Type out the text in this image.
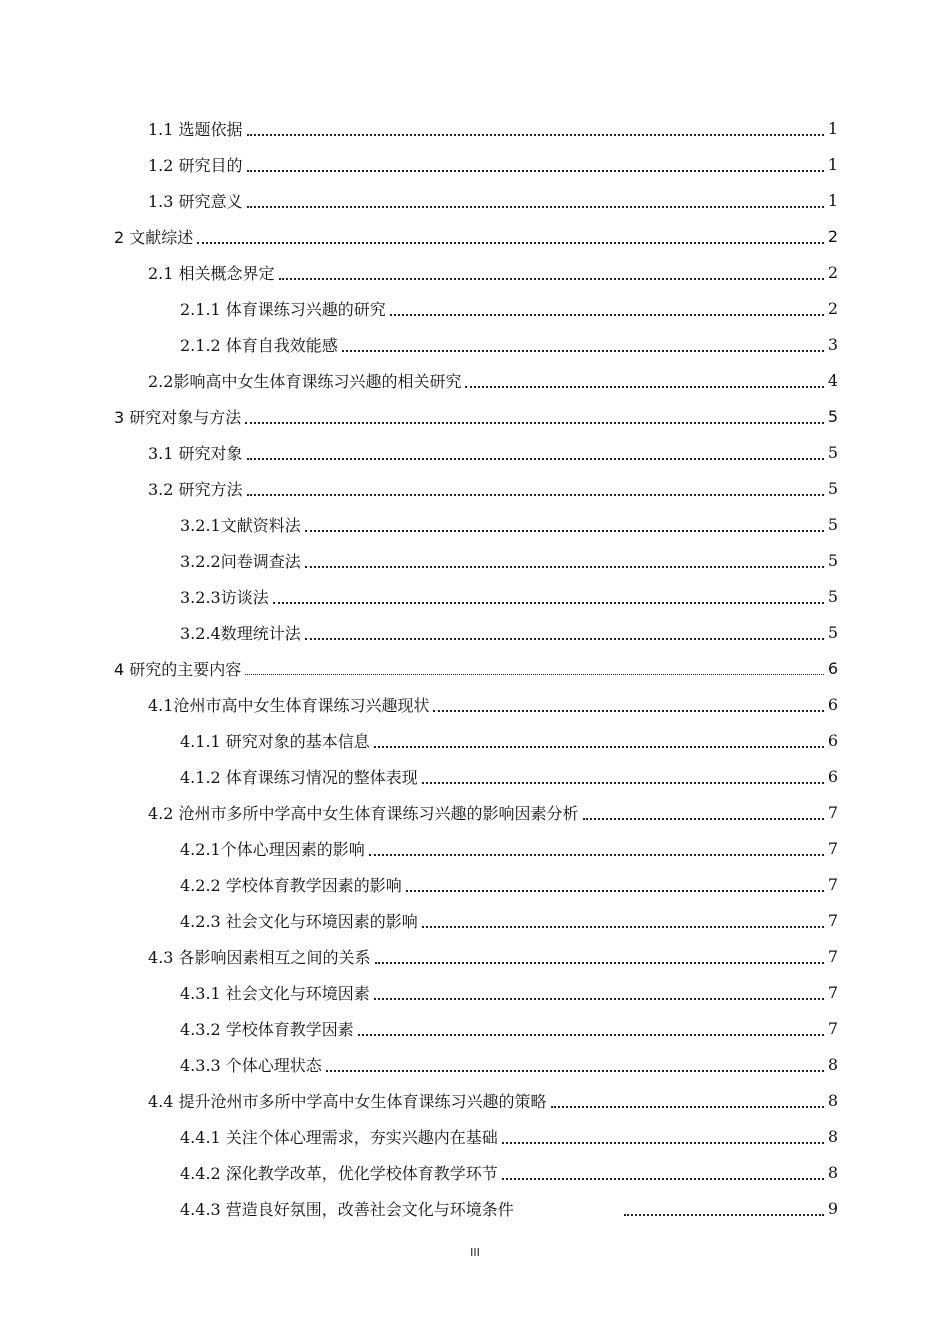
1.1 选题依据	1
1.2 研究目的	1
1.3 研究意义	1
2 文献综述	2
2.1 相关概念界定	2
2.1.1 体育课练习兴趣的研究	2
2.1.2 体育自我效能感	3
2.2影响高中女生体育课练习兴趣的相关研究	4
3 研究对象与方法	5
3.1 研究对象	5
3.2 研究方法	5
3.2.1文献资料法	5
3.2.2问卷调查法	5
3.2.3访谈法	5
3.2.4数理统计法	5
4 研究的主要内容	6
4.1沧州市高中女生体育课练习兴趣现状	6
4.1.1 研究对象的基本信息	6
4.1.2 体育课练习情况的整体表现	6
4.2 沧州市多所中学高中女生体育课练习兴趣的影响因素分析	7
4.2.1个体心理因素的影响	7
4.2.2 学校体育教学因素的影响	7
4.2.3 社会文化与环境因素的影响	7
4.3 各影响因素相互之间的关系	7
4.3.1 社会文化与环境因素	7
4.3.2 学校体育教学因素	7
4.3.3 个体心理状态	8
4.4 提升沧州市多所中学高中女生体育课练习兴趣的策略	8
4.4.1 关注个体心理需求，夯实兴趣内在基础	8
4.4.2 深化教学改革，优化学校体育教学环节	8
4.4.3 营造良好氛围，改善社会文化与环境条件	9
III
